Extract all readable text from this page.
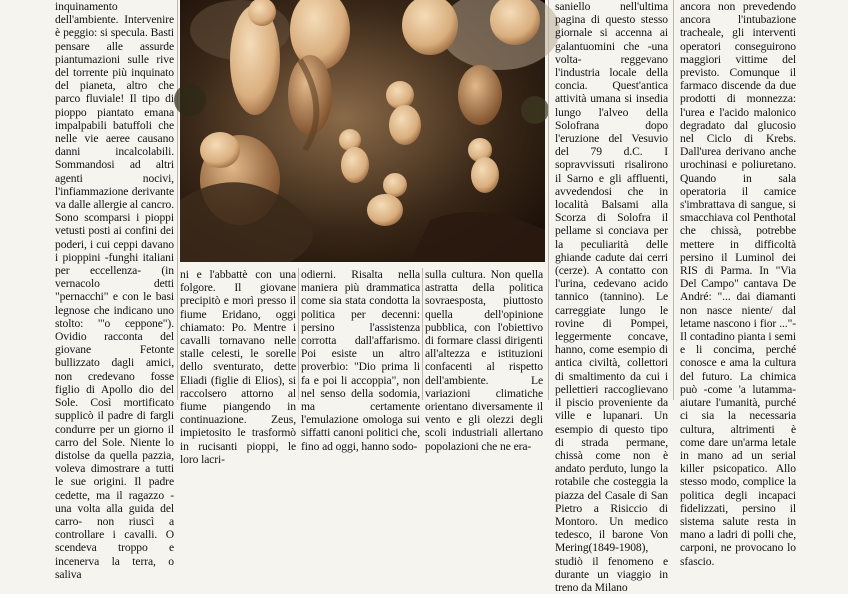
inquinamento dell'ambiente. Intervenire è peggio: si specula. Basti pensare alle assurde piantumazioni sulle rive del torrente più inquinato del pianeta, altro che parco fluviale! Il tipo di pioppo piantato emana impalpabili batuffoli che nelle vie aeree causano danni incalcolabili. Sommandosi ad altri agenti nocivi, l'infiammazione derivante va dalle allergie al cancro. Sono scomparsi i pioppi vetusti posti ai confini dei poderi, i cui ceppi davano i pioppini -funghi italiani per eccellenza- (in vernacolo detti "pernacchi" e con le basi legnose che indicano uno stolto: "'o ceppone"). Ovidio racconta del giovane Fetonte bullizzato dagli amici, non credevano fosse figlio di Apollo dio del Sole. Così mortificato supplicò il padre di fargli condurre per un giorno il carro del Sole. Niente lo distolse da quella pazzia, voleva dimostrare a tutti le sue origini. Il padre cedette, ma il ragazzo -una volta alla guida del carro- non riuscì a controllare i cavalli. O scendeva troppo e incenerva la terra, o saliva

ni e l'abbattè con una folgore. Il giovane precipitò e morì presso il fiume Eridano, oggi chiamato: Po. Mentre i cavalli tornavano nelle stalle celesti, le sorelle dello sventurato, dette Eliadi (figlie di Elios), si raccolsero attorno al fiume piangendo in continuazione. Zeus, impietosito le trasformò in rucisanti pioppi, le loro lacri-

odierni. Risalta nella maniera più drammatica come sia stata condotta la politica per decenni: persino l'assistenza corrotta dall'affarismo. Poi esiste un altro proverbio: "Dio prima li fa e poi li accoppia", non nel senso della sodomia, ma certamente l'emulazione omologa sui siffatti canoni politici che, fino ad oggi, hanno sodo-

sulla cultura. Non quella astratta della politica sovraesposta, piuttosto quella dell'opinione pubblica, con l'obiettivo di formare classi dirigenti all'altezza e istituzioni confacenti al rispetto dell'ambiente. Le variazioni climatiche orientano diversamente il vento e gli olezzi degli scoli industriali allertano popolazioni che ne era-

saniello nell'ultima pagina di questo stesso giornale si accenna ai galantuomini che -una volta- reggevano l'industria locale della concia. Quest'antica attività umana si insedia lungo l'alveo della Solofrana dopo l'eruzione del Vesuvio del 79 d.C. I sopravvissuti risalirono il Sarno e gli affluenti, avvedendosi che in località Balsami alla Scorza di Solofra il pellame si conciava per la peculiarità delle ghiande cadute dai cerri (cerze). A contatto con l'urina, cedevano acido tannico (tannino). Le carreggiate lungo le rovine di Pompei, leggermente concave, hanno, come esempio di antica civiltà, collettori di smaltimento da cui i pellettieri raccoglievano il piscio proveniente da ville e lupanari. Un esempio di questo tipo di strada permane, chissà come non è andato perduto, lungo la rotabile che costeggia la piazza del Casale di San Pietro a Risiccio di Montoro. Un medico tedesco, il barone Von Mering(1849-1908), studiò il fenomeno e durante un viaggio in treno da Milano

ancora non prevedendo ancora l'intubazione tracheale, gli interventi operatori conseguirono maggiori vittime del previsto. Comunque il farmaco discende da due prodotti di monnezza: l'urea e l'acido malonico degradato dal glucosio nel Ciclo di Krebs. Dall'urea derivano anche urochinasi e poliuretano. Quando in sala operatoria il camice s'imbrattava di sangue, si smacchiava col Penthotal che chissà, potrebbe mettere in difficoltà persino il Luminol dei RIS di Parma. In "Via Del Campo" cantava De André: "... dai diamanti non nasce niente/ dal letame nascono i fior ..."- Il contadino pianta i semi e li concima, perché conosce e ama la cultura del futuro. La chimica può -come 'a lutamma- aiutare l'umanità, purché ci sia la necessaria cultura, altrimenti è come dare un'arma letale in mano ad un serial killer psicopatico. Allo stesso modo, complice la politica degli incapaci fidelizzati, persino il sistema salute resta in mano a ladri di polli che, carponi, ne provocano lo sfascio.
